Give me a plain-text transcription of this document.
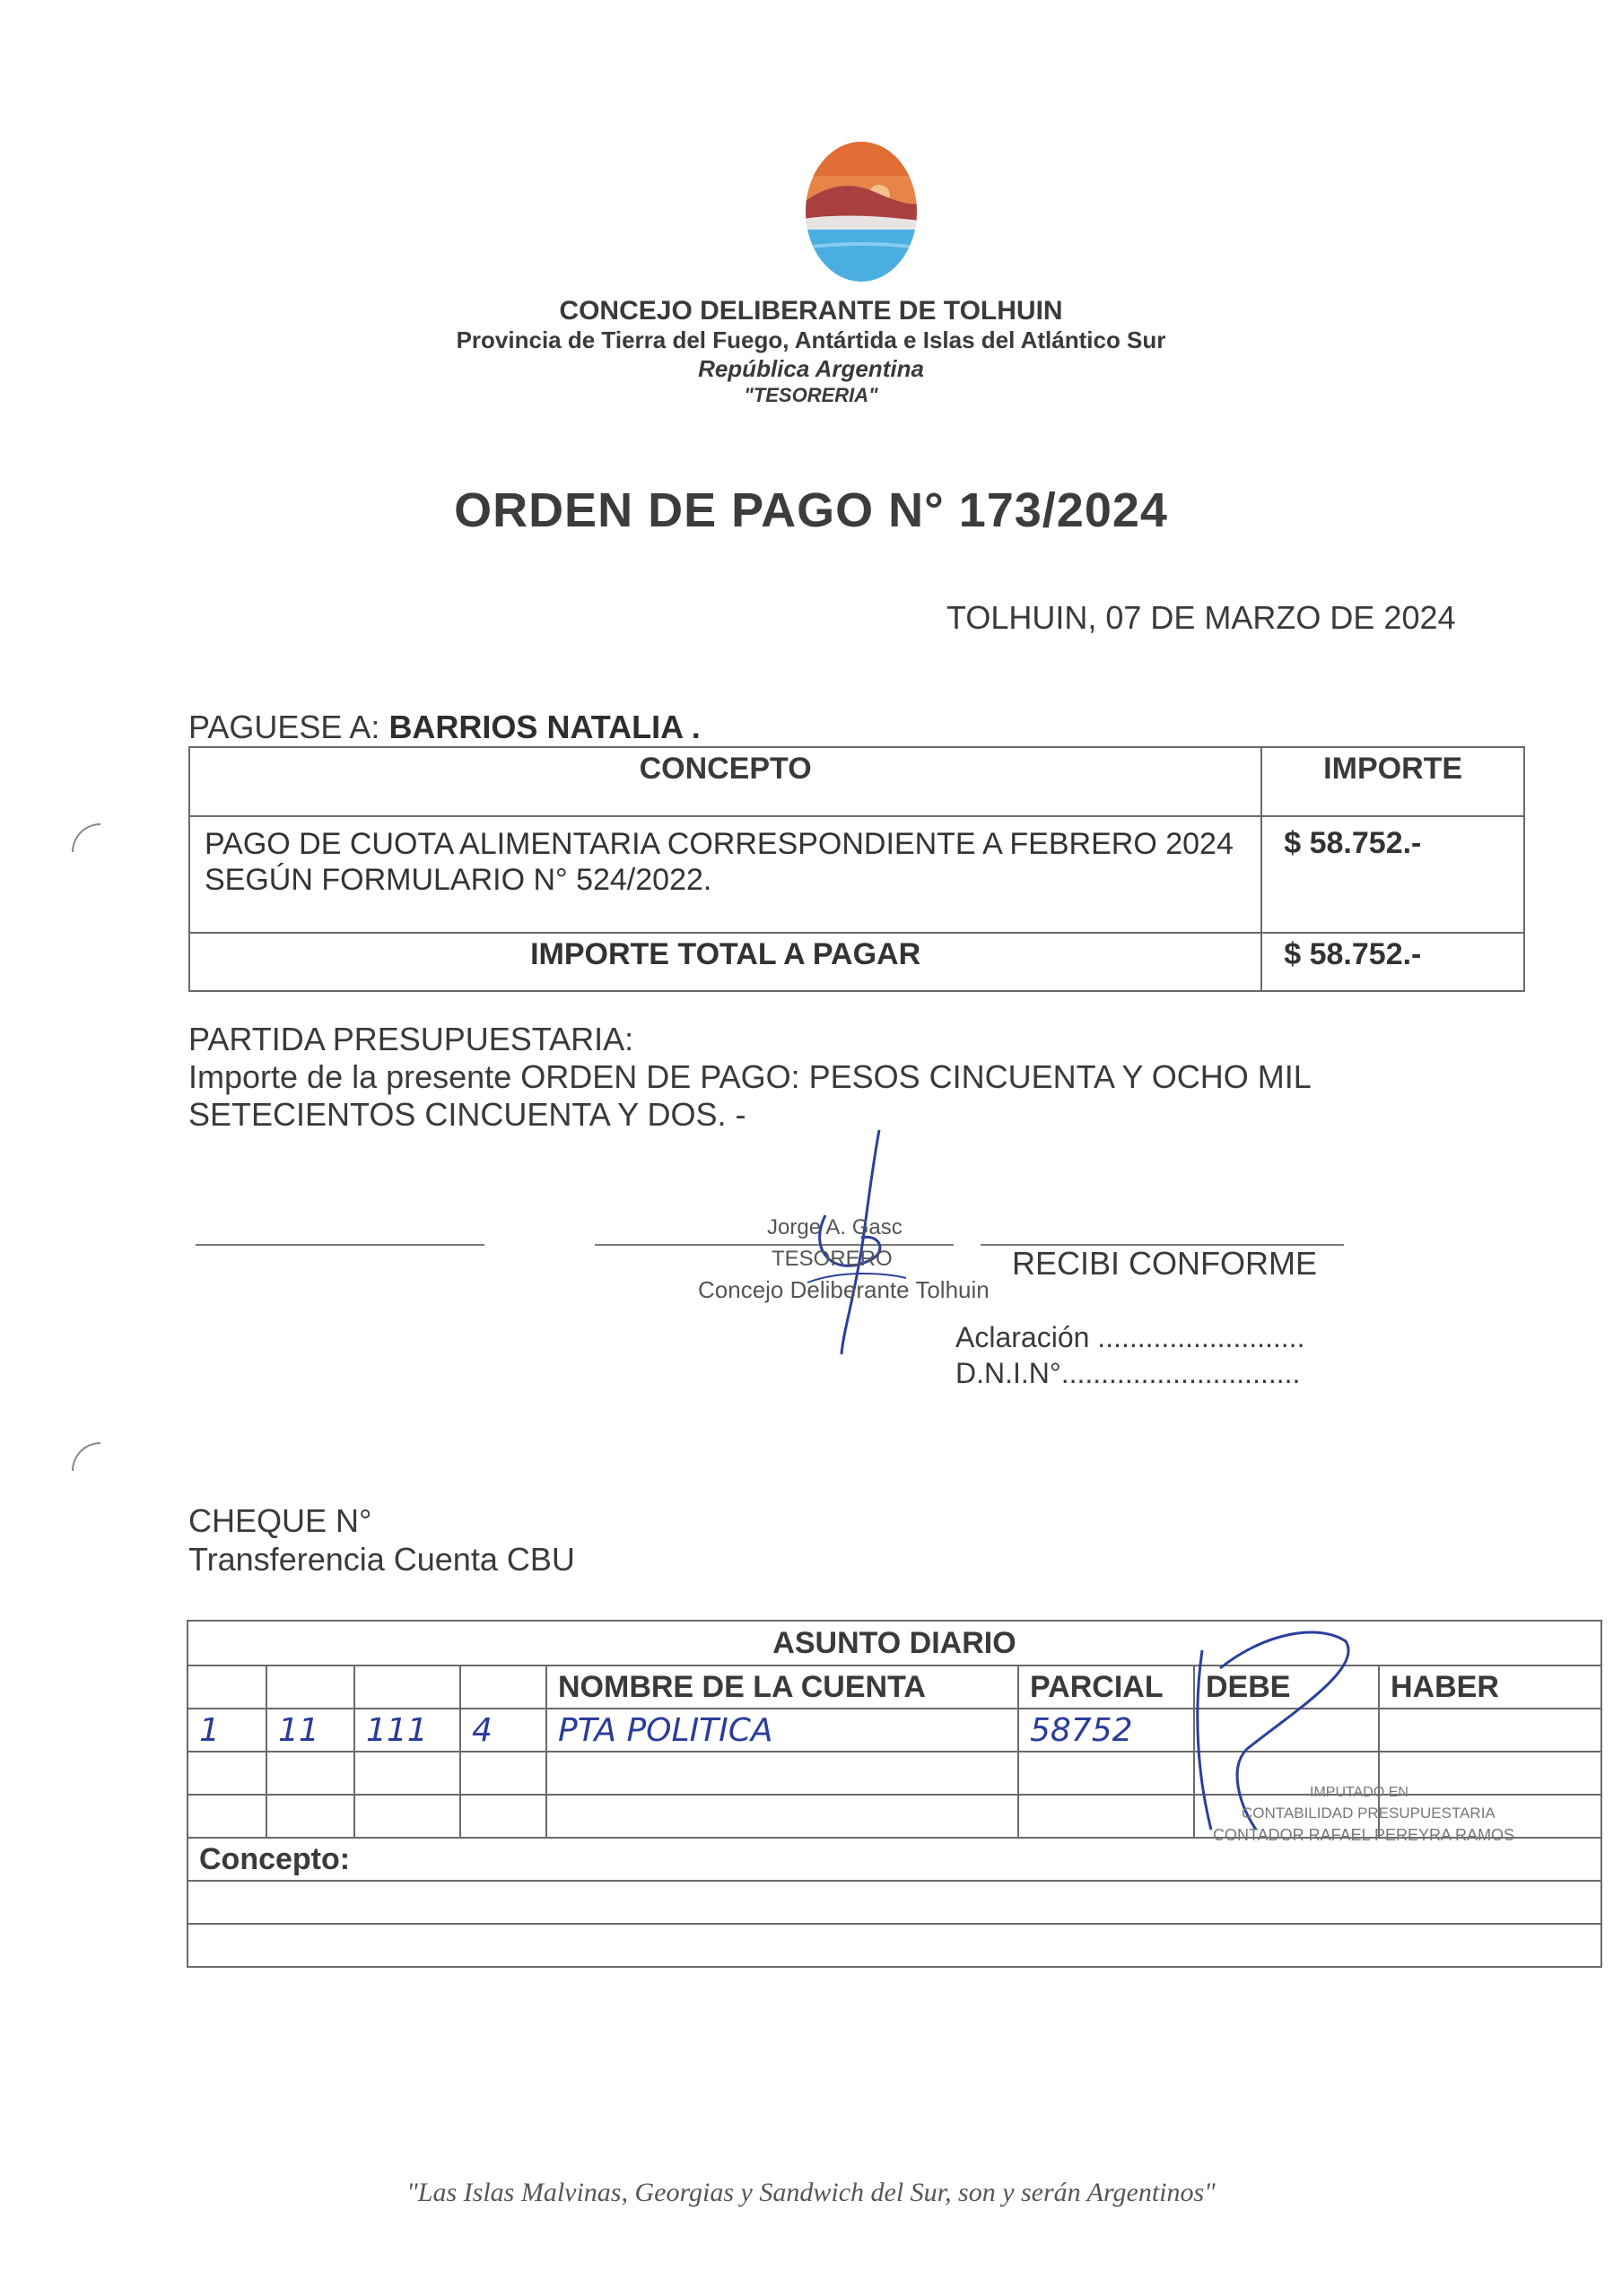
CONCEJO DELIBERANTE DE TOLHUIN
Provincia de Tierra del Fuego, Antártida e Islas del Atlántico Sur
República Argentina
"TESORERIA"
ORDEN DE PAGO N° 173/2024
TOLHUIN, 07 DE MARZO DE 2024
PAGUESE A: BARRIOS NATALIA .
CONCEPTO	IMPORTE
PAGO DE CUOTA ALIMENTARIA CORRESPONDIENTE A FEBRERO 2024 SEGÚN FORMULARIO N° 524/2022.	$ 58.752.-
IMPORTE TOTAL A PAGAR	$ 58.752.-
PARTIDA PRESUPUESTARIA:
Importe de la presente ORDEN DE PAGO: PESOS CINCUENTA Y OCHO MIL SETECIENTOS CINCUENTA Y DOS. -
Jorge A. Gasc
TESORERO
Concejo Deliberante Tolhuin
RECIBI CONFORME
Aclaración ..........................
D.N.I.N°..............................
CHEQUE N°
Transferencia Cuenta CBU
ASUNTO DIARIO							
				NOMBRE DE LA CUENTA	PARCIAL	DEBE	HABER
1	11	111	4	PTA POLITICA	58752		

Concepto:							

IMPUTADO EN
CONTABILIDAD PRESUPUESTARIA
CONTADOR RAFAEL PEREYRA RAMOS
"Las Islas Malvinas, Georgias y Sandwich del Sur, son y serán Argentinos"
